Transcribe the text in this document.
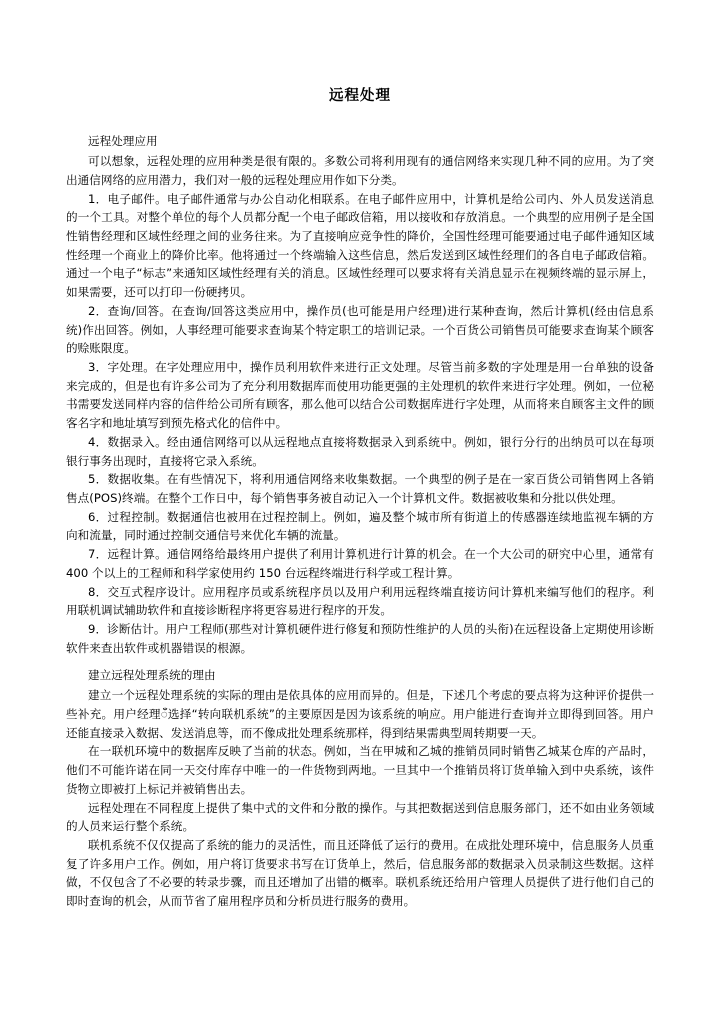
远程处理
远程处理应用

可以想象，远程处理的应用种类是很有限的。多数公司将利用现有的通信网络来实现几种不同的应用。为了突出通信网络的应用潜力，我们对一般的远程处理应用作如下分类。

1．电子邮件。电子邮件通常与办公自动化相联系。在电子邮件应用中，计算机是给公司内、外人员发送消息的一个工具。对整个单位的每个人员都分配一个电子邮政信箱，用以接收和存放消息。一个典型的应用例子是全国性销售经理和区域性经理之间的业务往来。为了直接响应竞争性的降价，全国性经理可能要通过电子邮件通知区域性经理一个商业上的降价比率。他将通过一个终端输入这些信息，然后发送到区域性经理们的各自电子邮政信箱。通过一个电子“标志”来通知区域性经理有关的消息。区域性经理可以要求将有关消息显示在视频终端的显示屏上，如果需要，还可以打印一份硬拷贝。

2．查询/回答。在查询/回答这类应用中，操作员(也可能是用户经理)进行某种查询，然后计算机(经由信息系统)作出回答。例如，人事经理可能要求查询某个特定职工的培训记录。一个百货公司销售员可能要求查询某个顾客的赊账限度。

3．字处理。在字处理应用中，操作员利用软件来进行正文处理。尽管当前多数的字处理是用一台单独的设备来完成的，但是也有许多公司为了充分利用数据库而使用功能更强的主处理机的软件来进行字处理。例如，一位秘书需要发送同样内容的信件给公司所有顾客，那么他可以结合公司数据库进行字处理，从而将来自顾客主文件的顾客名字和地址填写到预先格式化的信件中。

4．数据录入。经由通信网络可以从远程地点直接将数据录入到系统中。例如，银行分行的出纳员可以在每项银行事务出现时，直接将它录入系统。

5．数据收集。在有些情况下，将利用通信网络来收集数据。一个典型的例子是在一家百货公司销售网上各销售点(POS)终端。在整个工作日中，每个销售事务被自动记入一个计算机文件。数据被收集和分批以供处理。

6．过程控制。数据通信也被用在过程控制上。例如，遍及整个城市所有街道上的传感器连续地监视车辆的方向和流量，同时通过控制交通信号来优化车辆的流量。

7．远程计算。通信网络给最终用户提供了利用计算机进行计算的机会。在一个大公司的研究中心里，通常有 400 个以上的工程师和科学家使用约 150 台远程终端进行科学或工程计算。

8．交互式程序设计。应用程序员或系统程序员以及用户利用远程终端直接访问计算机来编写他们的程序。利用联机调试辅助软件和直接诊断程序将更容易进行程序的开发。

9．诊断估计。用户工程师(那些对计算机硬件进行修复和预防性维护的人员的头衔)在远程设备上定期使用诊断软件来查出软件或机器错误的根源。

建立远程处理系统的理由

建立一个远程处理系统的实际的理由是依具体的应用而异的。但是，下述几个考虑的要点将为这种评价提供一些补充。用户经理ँ选择“转向联机系统”的主要原因是因为该系统的响应。用户能进行查询并立即得到回答。用户还能直接录入数据、发送消息等，而不像成批处理系统那样，得到结果需典型周转期要一天。

在一联机环境中的数据库反映了当前的状态。例如，当在甲城和乙城的推销员同时销售乙城某仓库的产品时，他们不可能许诺在同一天交付库存中唯一的一件货物到两地。一旦其中一个推销员将订货单输入到中央系统，该件货物立即被打上标记并被销售出去。

远程处理在不同程度上提供了集中式的文件和分散的操作。与其把数据送到信息服务部门，还不如由业务领域的人员来运行整个系统。

联机系统不仅仅提高了系统的能力的灵活性，而且还降低了运行的费用。在成批处理环境中，信息服务人员重复了许多用户工作。例如，用户将订货要求书写在订货单上，然后，信息服务部的数据录入员录制这些数据。这样做，不仅包含了不必要的转录步骤，而且还增加了出错的概率。联机系统还给用户管理人员提供了进行他们自己的即时查询的机会，从而节省了雇用程序员和分析员进行服务的费用。
